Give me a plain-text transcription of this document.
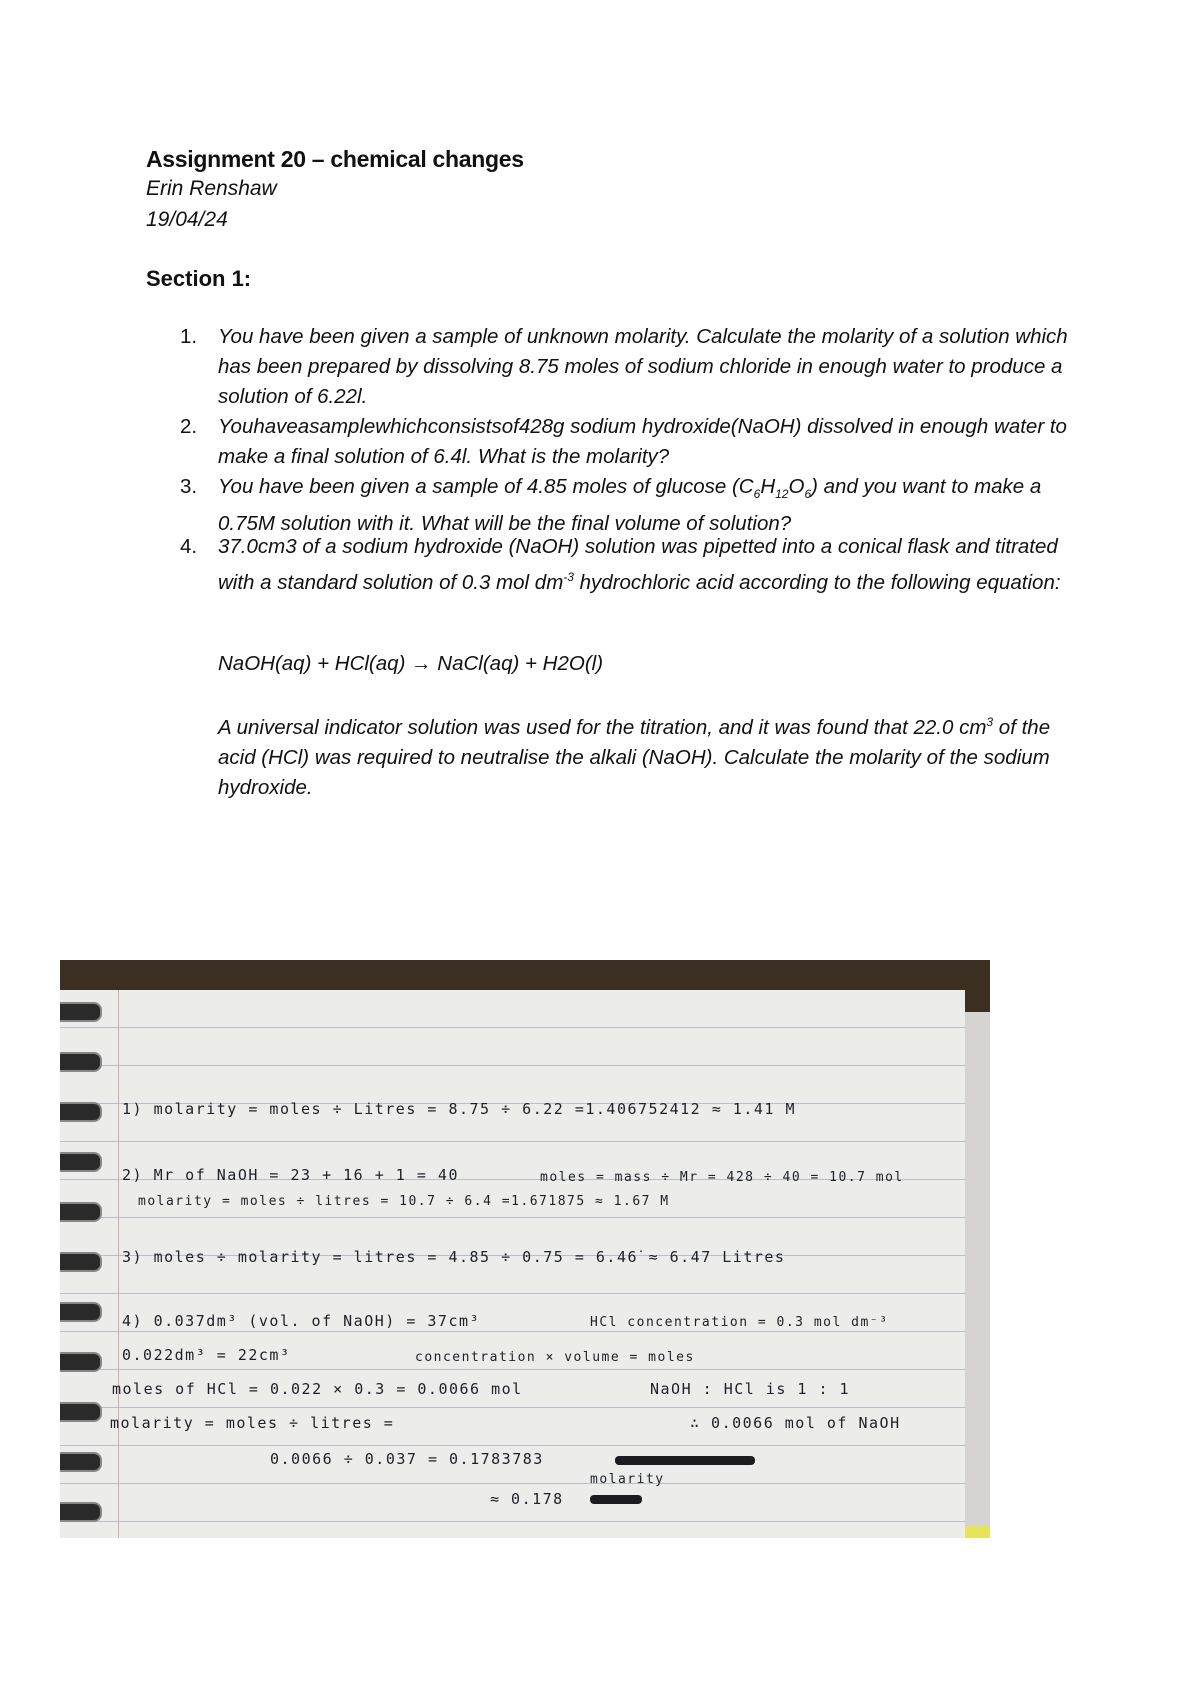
Assignment 20 – chemical changes
Erin Renshaw
19/04/24
Section 1:
1. You have been given a sample of unknown molarity. Calculate the molarity of a solution which has been prepared by dissolving 8.75 moles of sodium chloride in enough water to produce a solution of 6.22l.
2. Youhaveasamplewhichconsistsof428g sodium hydroxide(NaOH) dissolved in enough water to make a final solution of 6.4l. What is the molarity?
3. You have been given a sample of 4.85 moles of glucose $(C_6H_{12}O_6)$ and you want to make a 0.75M solution with it. What will be the final volume of solution?
4. 37.0cm3 of a sodium hydroxide (NaOH) solution was pipetted into a conical flask and titrated with a standard solution of 0.3 mol $dm^{-3}$ hydrochloric acid according to the following equation:
NaOH(aq) + HCl(aq) → NaCl(aq) + H2O(l)
A universal indicator solution was used for the titration, and it was found that 22.0 $cm^3$ of the acid (HCl) was required to neutralise the alkali (NaOH). Calculate the molarity of the sodium hydroxide.
1) molarity = moles ÷ Litres = 8.75 ÷ 6.22 =1.406752412 ≈ 1.41 M
2) Mr of NaOH = 23 + 16 + 1 = 40	moles = mass ÷ Mr = 428 ÷ 40 = 10.7 mol
molarity = moles ÷ litres = 10.7 ÷ 6.4 =1.671875 ≈ 1.67 M
3) moles ÷ molarity = litres = 4.85 ÷ 0.75 = 6.46̇ ≈ 6.47 Litres
4) 0.037dm³ (vol. of NaOH) = 37cm³	HCl concentration = 0.3 mol dm⁻³
0.022dm³ = 22cm³	concentration × volume = moles
moles of HCl = 0.022 × 0.3 = 0.0066 mol	NaOH : HCl is 1 : 1
molarity = moles ÷ litres =	∴ 0.0066 mol of NaOH
0.0066 ÷ 0.037 = 0.1783783
molarity
≈ 0.178
